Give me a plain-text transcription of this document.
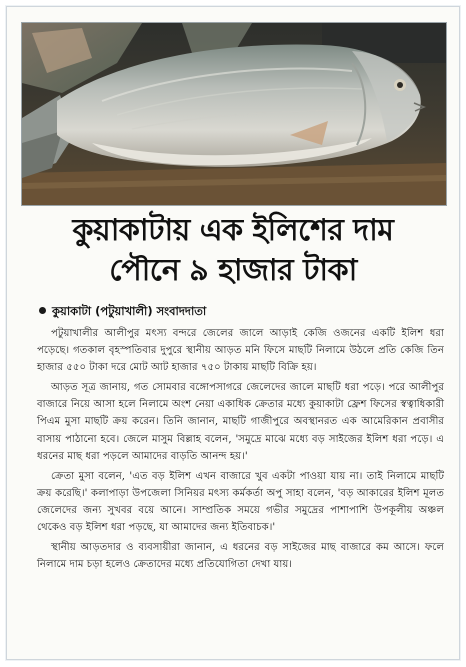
কুয়াকাটায় এক ইলিশের দাম
পৌনে ৯ হাজার টাকা
কুয়াকাটা (পটুয়াখালী) সংবাদদাতা

পটুয়াখালীর আলীপুর মৎস্য বন্দরে জেলের জালে আড়াই কেজি ওজনের একটি ইলিশ ধরা পড়েছে। গতকাল বৃহস্পতিবার দুপুরে স্থানীয় আড়ত মনি ফিসে মাছটি নিলামে উঠলে প্রতি কেজি তিন হাজার ৫৫০ টাকা দরে মোট আট হাজার ৭৫০ টাকায় মাছটি বিক্রি হয়।

আড়ত সূত্র জানায়, গত সোমবার বঙ্গোপসাগরে জেলেদের জালে মাছটি ধরা পড়ে। পরে আলীপুর বাজারে নিয়ে আসা হলে নিলামে অংশ নেয়া একাধিক ক্রেতার মধ্যে কুয়াকাটা ফ্রেশ ফিসের স্বত্বাধিকারী পিএম মুসা মাছটি ক্রয় করেন। তিনি জানান, মাছটি গাজীপুরে অবস্থানরত এক আমেরিকান প্রবাসীর বাসায় পাঠানো হবে। জেলে মাসুম বিল্লাহ বলেন, 'সমুদ্রে মাঝে মধ্যে বড় সাইজের ইলিশ ধরা পড়ে। এ ধরনের মাছ ধরা পড়লে আমাদের বাড়তি আনন্দ হয়।'

ক্রেতা মুসা বলেন, 'এত বড় ইলিশ এখন বাজারে খুব একটা পাওয়া যায় না। তাই নিলামে মাছটি ক্রয় করেছি।' কলাপাড়া উপজেলা সিনিয়র মৎস্য কর্মকর্তা অপু সাহা বলেন, 'বড় আকারের ইলিশ মূলত জেলেদের জন্য সুখবর বয়ে আনে। সাম্প্রতিক সময়ে গভীর সমুদ্রের পাশাপাশি উপকূলীয় অঞ্চল থেকেও বড় ইলিশ ধরা পড়ছে, যা আমাদের জন্য ইতিবাচক।'

স্থানীয় আড়তদার ও ব্যবসায়ীরা জানান, এ ধরনের বড় সাইজের মাছ বাজারে কম আসে। ফলে নিলামে দাম চড়া হলেও ক্রেতাদের মধ্যে প্রতিযোগিতা দেখা যায়।
